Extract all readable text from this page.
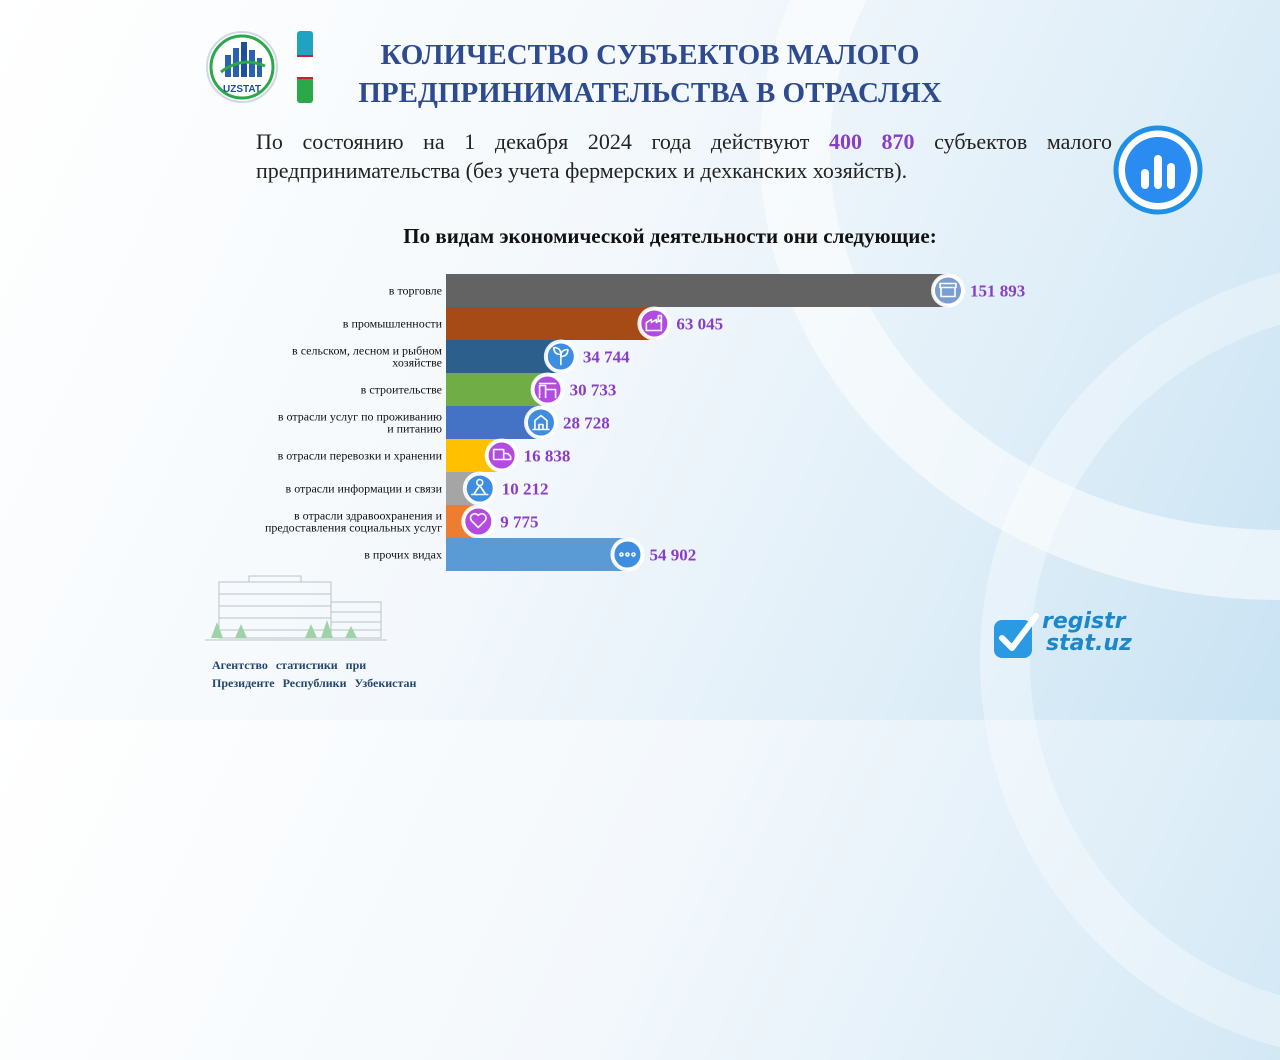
UZSTAT
КОЛИЧЕСТВО СУБЪЕКТОВ МАЛОГО
ПРЕДПРИНИМАТЕЛЬСТВА В ОТРАСЛЯХ

По состоянию на 1 декабря 2024 года действуют 400 870 субъектов малого предпринимательства (без учета фермерских и дехканских хозяйств).

По видам экономической деятельности они следующие:
в торговле	151 893
в промышленности	63 045
в сельском, лесном и рыбном хозяйстве	34 744
в строительстве	30 733
в отрасли услуг по проживанию и питанию	28 728
в отрасли перевозки и хранении	16 838
в отрасли информации и связи	10 212
в отрасли здравоохранения и предоставления социальных услуг	9 775
в прочих видах	54 902
Агентство статистики при
Президенте Республики Узбекистан
registr
stat.uz
